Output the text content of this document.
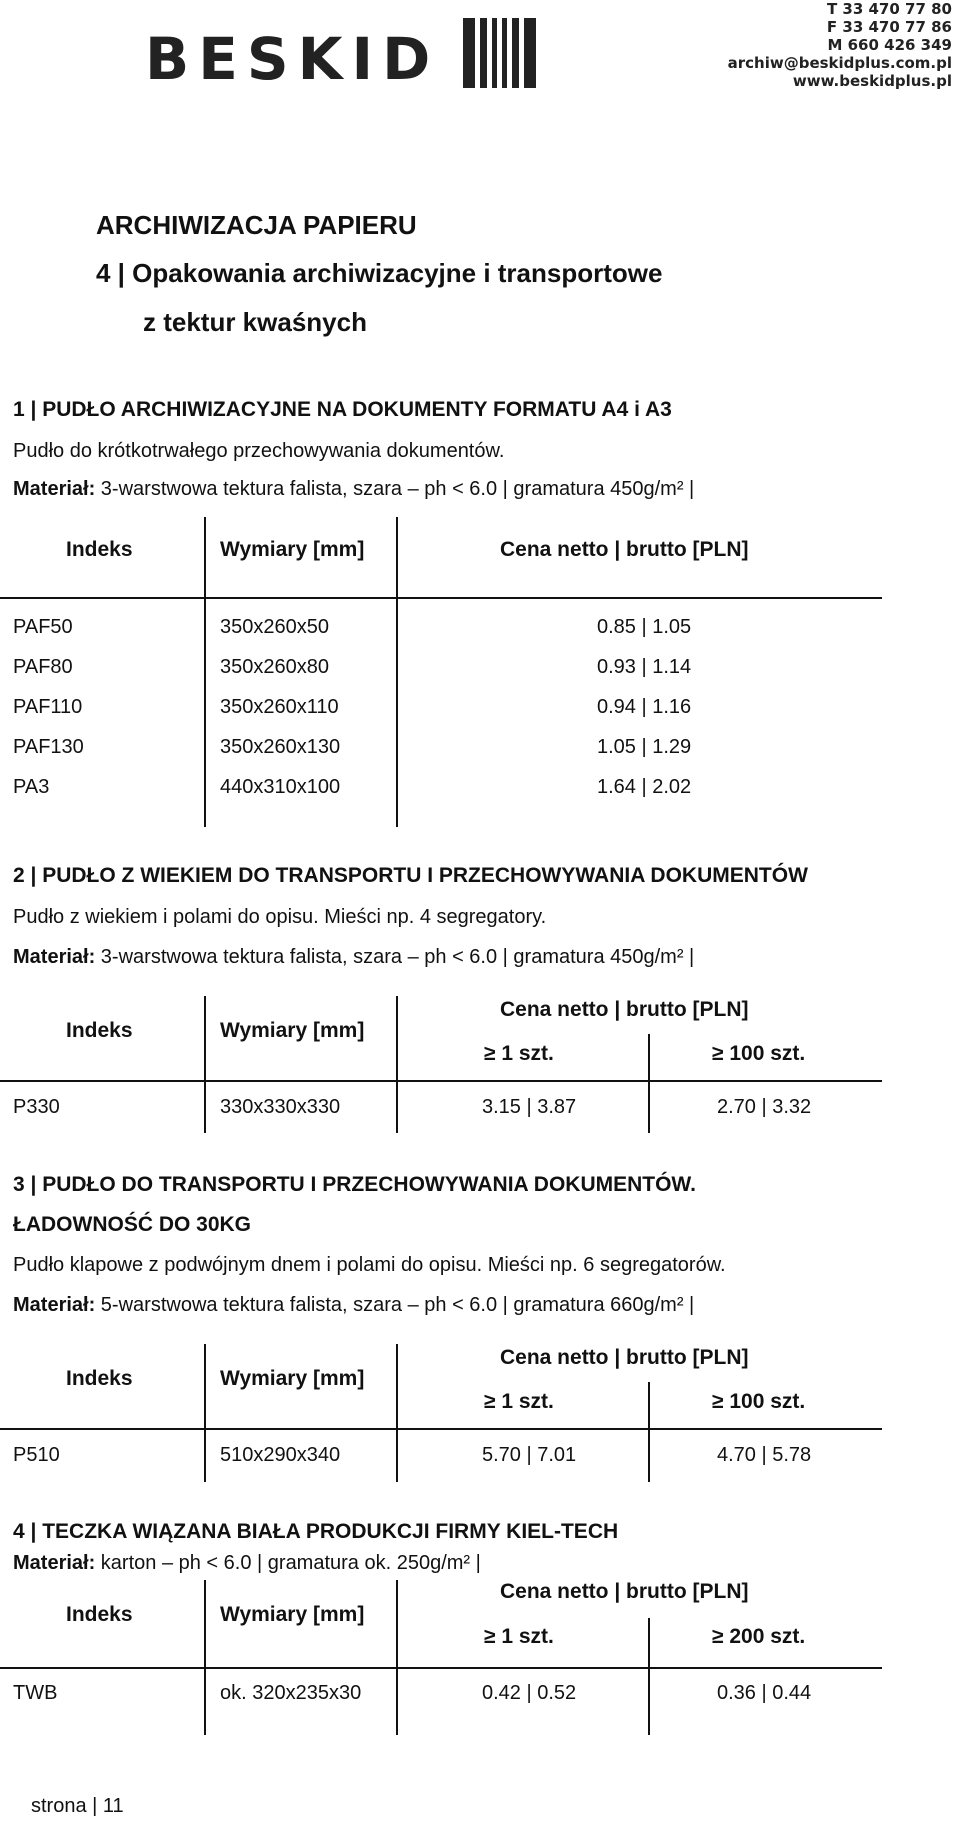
BESKID
T 33 470 77 80
F 33 470 77 86
M 660 426 349
archiw@beskidplus.com.pl
www.beskidplus.pl
ARCHIWIZACJA PAPIERU
4 | Opakowania archiwizacyjne i transportowe
z tektur kwaśnych
1 | PUDŁO ARCHIWIZACYJNE NA DOKUMENTY FORMATU A4 i A3
Pudło do krótkotrwałego przechowywania dokumentów.
Materiał: 3-warstwowa tektura falista, szara – ph < 6.0 | gramatura 450g/m² |
Indeks	Wymiary [mm]	Cena netto | brutto [PLN]
PAF50	350x260x50	0.85 | 1.05
PAF80	350x260x80	0.93 | 1.14
PAF110	350x260x110	0.94 | 1.16
PAF130	350x260x130	1.05 | 1.29
PA3	440x310x100	1.64 | 2.02
2 | PUDŁO Z WIEKIEM DO TRANSPORTU I PRZECHOWYWANIA DOKUMENTÓW
Pudło z wiekiem i polami do opisu. Mieści np. 4 segregatory.
Materiał: 3-warstwowa tektura falista, szara – ph < 6.0 | gramatura 450g/m² |
Indeks	Wymiary [mm]
Cena netto | brutto [PLN]
≥ 1 szt.	≥ 100 szt.
P330	330x330x330	3.15 | 3.87	2.70 | 3.32
3 | PUDŁO DO TRANSPORTU I PRZECHOWYWANIA DOKUMENTÓW.
ŁADOWNOŚĆ DO 30KG
Pudło klapowe z podwójnym dnem i polami do opisu. Mieści np. 6 segregatorów.
Materiał: 5-warstwowa tektura falista, szara – ph < 6.0 | gramatura 660g/m² |
Indeks	Wymiary [mm]
Cena netto | brutto [PLN]
≥ 1 szt.	≥ 100 szt.
P510	510x290x340	5.70 | 7.01	4.70 | 5.78
4 | TECZKA WIĄZANA BIAŁA PRODUKCJI FIRMY KIEL-TECH
Materiał: karton – ph < 6.0 | gramatura ok. 250g/m² |
Indeks	Wymiary [mm]
Cena netto | brutto [PLN]
≥ 1 szt.	≥ 200 szt.
TWB	ok. 320x235x30	0.42 | 0.52	0.36 | 0.44
strona | 11
